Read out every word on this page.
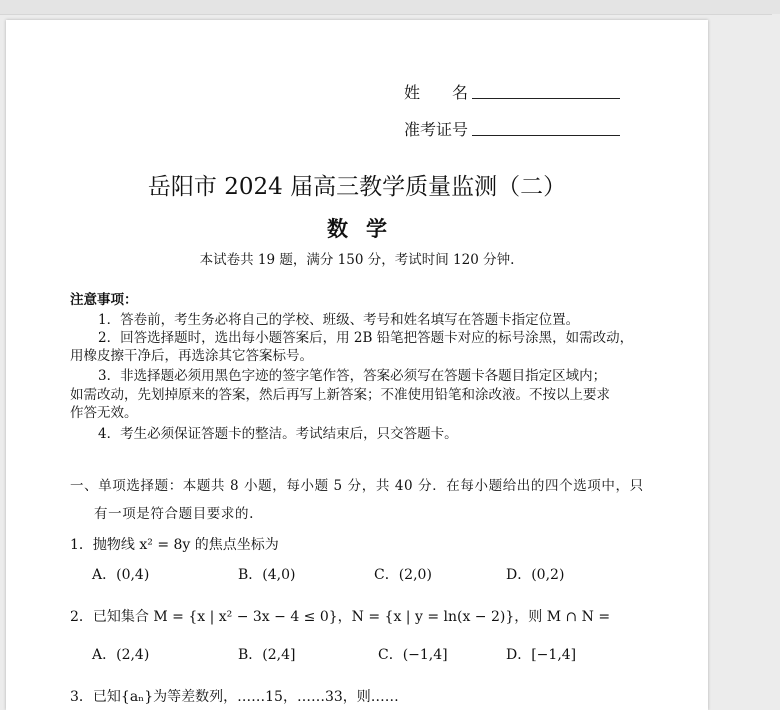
姓　　名
准考证号
岳阳市 2024 届高三教学质量监测（二）
数学
本试卷共 19 题，满分 150 分，考试时间 120 分钟.
注意事项：
1．答卷前，考生务必将自己的学校、班级、考号和姓名填写在答题卡指定位置。
2．回答选择题时，选出每小题答案后，用 2B 铅笔把答题卡对应的标号涂黑，如需改动，
用橡皮擦干净后，再选涂其它答案标号。
3．非选择题必须用黑色字迹的签字笔作答，答案必须写在答题卡各题目指定区域内；
如需改动，先划掉原来的答案，然后再写上新答案；不准使用铅笔和涂改液。不按以上要求
作答无效。
4．考生必须保证答题卡的整洁。考试结束后，只交答题卡。
一、单项选择题：本题共 8 小题，每小题 5 分，共 40 分．在每小题给出的四个选项中，只
有一项是符合题目要求的.
1．抛物线 x² = 8y 的焦点坐标为
A．(0,4)	B．(4,0)	C．(2,0)	D．(0,2)
2．已知集合 M = {x | x² − 3x − 4 ≤ 0}，N = {x | y = ln(x − 2)}，则 M ∩ N =
A．(2,4)	B．(2,4]	C．(−1,4]	D．[−1,4]
3．已知{aₙ}为等差数列，……15，……33，则……
